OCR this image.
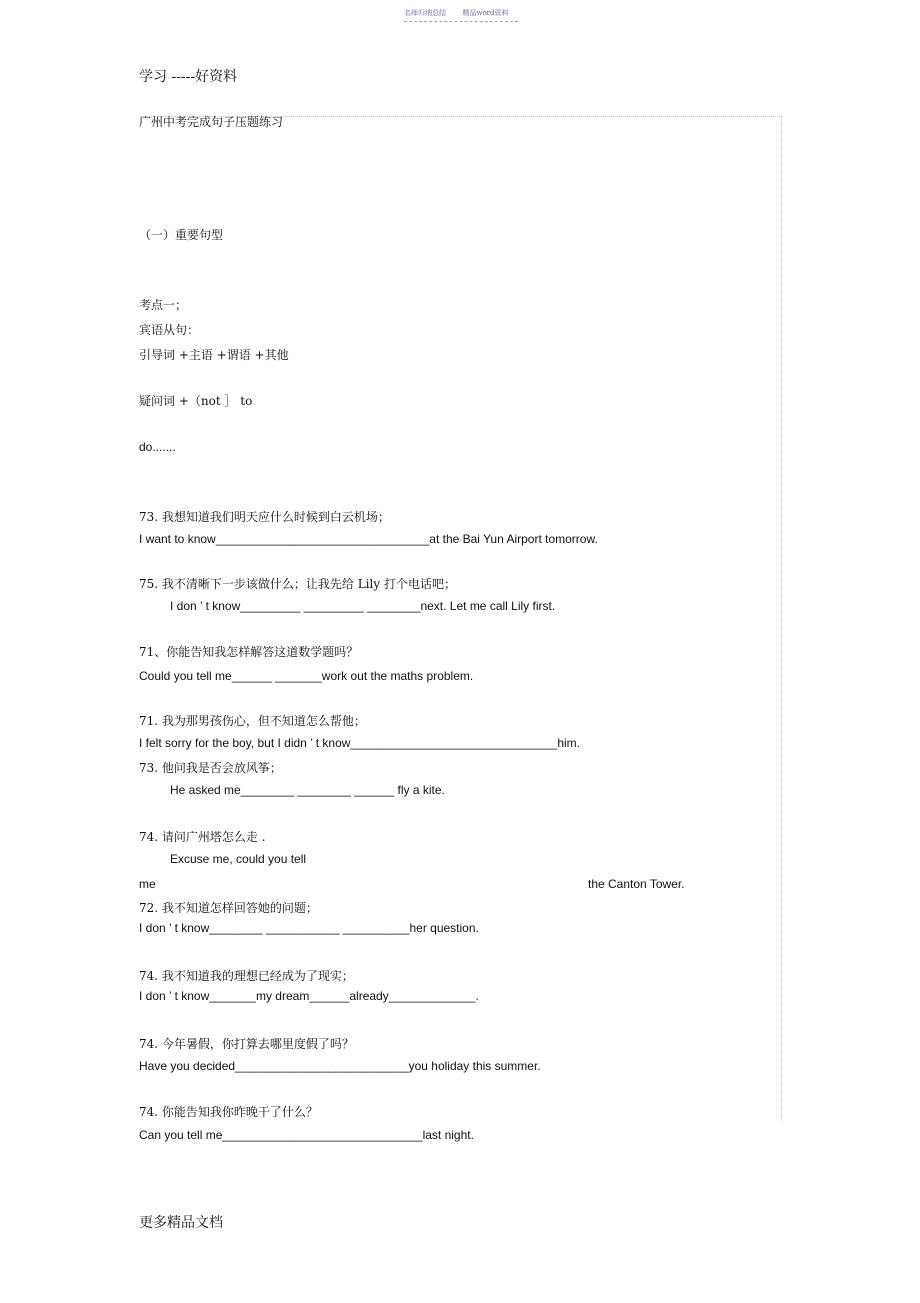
名师归纳总结 精品word资料
学习 -----好资料
广州中考完成句子压题练习
（一）重要句型
考点一；
宾语从句：
引导词 +主语 +谓语 +其他
疑问词 +（not ］ to
do.......
73. 我想知道我们明天应什么时候到白云机场；
I want to know________________________________at the Bai Yun Airport tomorrow.
75. 我不清晰下一步该做什么；让我先给 Lily 打个电话吧；
I don ’ t know_________ _________ ________next. Let me call Lily first.
71、你能告知我怎样解答这道数学题吗？
Could you tell me______ _______work out the maths problem.
71. 我为那男孩伤心，但不知道怎么帮他；
I felt sorry for the boy, but I didn ’ t know_______________________________him.
73. 他问我是否会放风筝；
He asked me________ ________ ______ fly a kite.
74. 请问广州塔怎么走 .
Excuse me, could you tell
me	the Canton Tower.
72. 我不知道怎样回答她的问题；
I don ’ t know________ ___________ __________her question.
74. 我不知道我的理想已经成为了现实；
I don ’ t know_______my dream______already_____________.
74. 今年暑假，你打算去哪里度假了吗？
Have you decided__________________________you holiday this summer.
74. 你能告知我你昨晚干了什么？
Can you tell me______________________________last night.
更多精品文档
